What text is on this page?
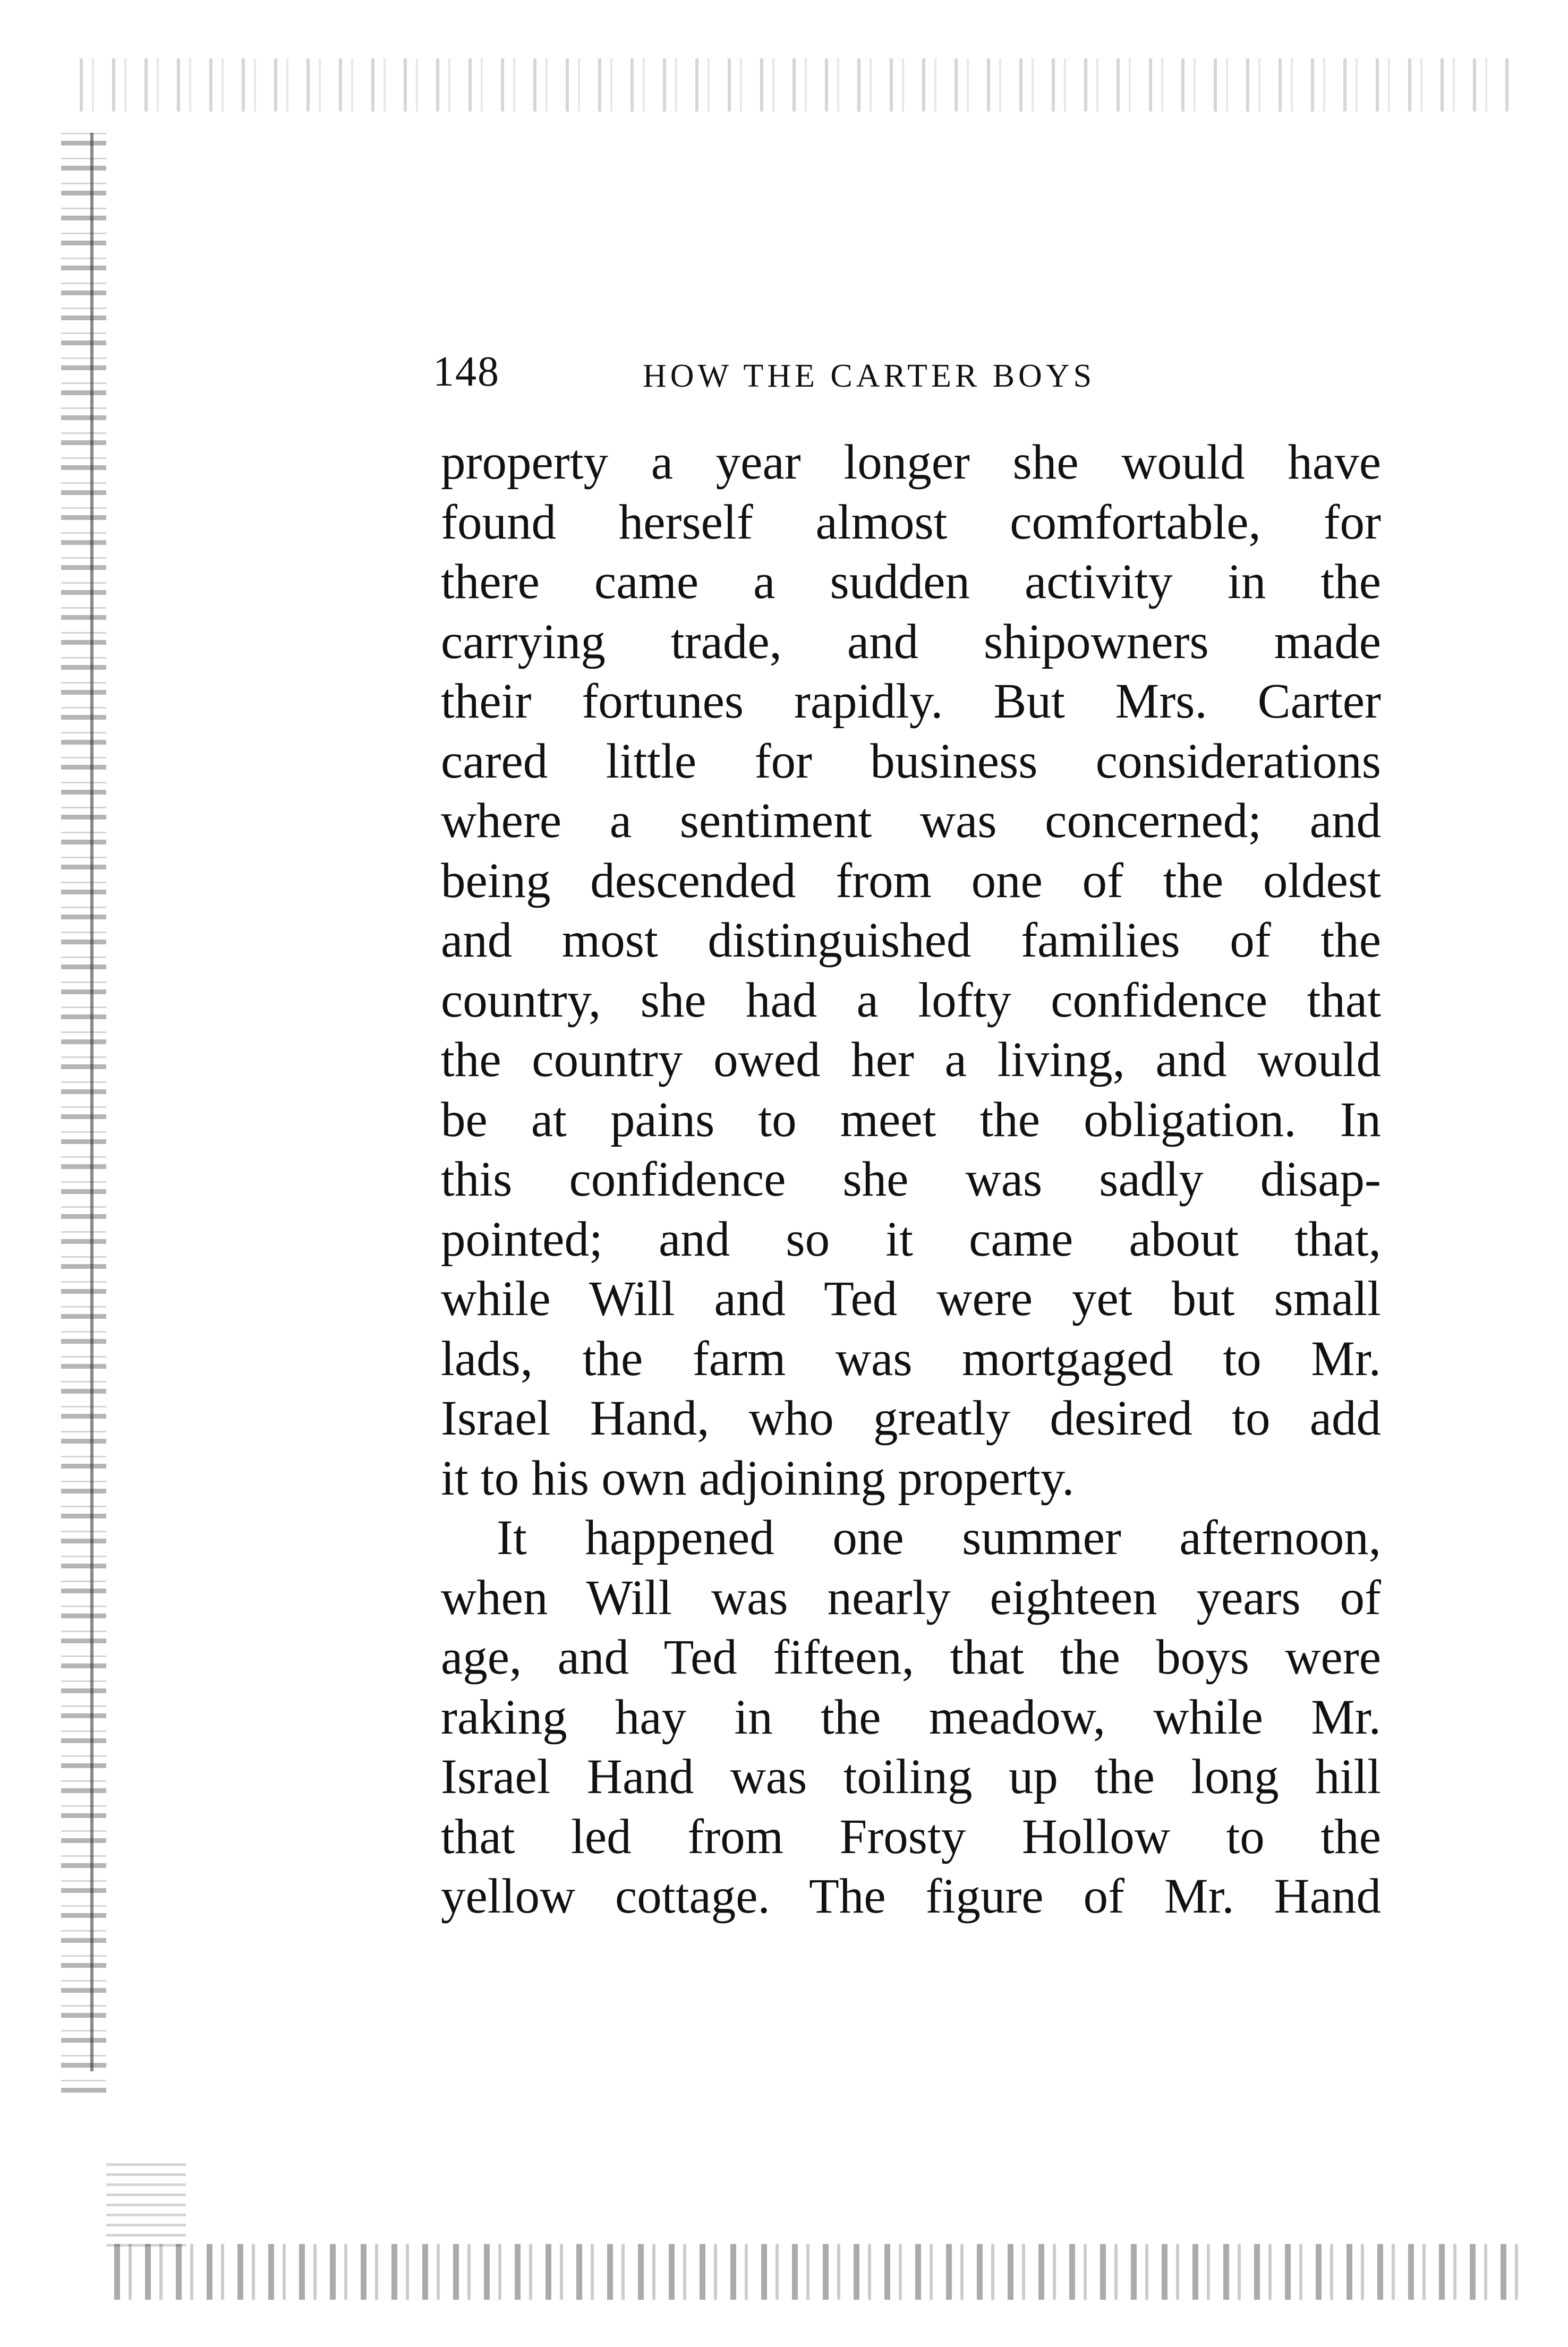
148	HOW THE CARTER BOYS
property a year longer she would have
found herself almost comfortable, for
there came a sudden activity in the
carrying trade, and shipowners made
their fortunes rapidly. But Mrs. Carter
cared little for business considerations
where a sentiment was concerned; and
being descended from one of the oldest
and most distinguished families of the
country, she had a lofty confidence that
the country owed her a living, and would
be at pains to meet the obligation. In
this confidence she was sadly disap-
pointed; and so it came about that,
while Will and Ted were yet but small
lads, the farm was mortgaged to Mr.
Israel Hand, who greatly desired to add
it to his own adjoining property.
It happened one summer afternoon,
when Will was nearly eighteen years of
age, and Ted fifteen, that the boys were
raking hay in the meadow, while Mr.
Israel Hand was toiling up the long hill
that led from Frosty Hollow to the
yellow cottage. The figure of Mr. Hand
